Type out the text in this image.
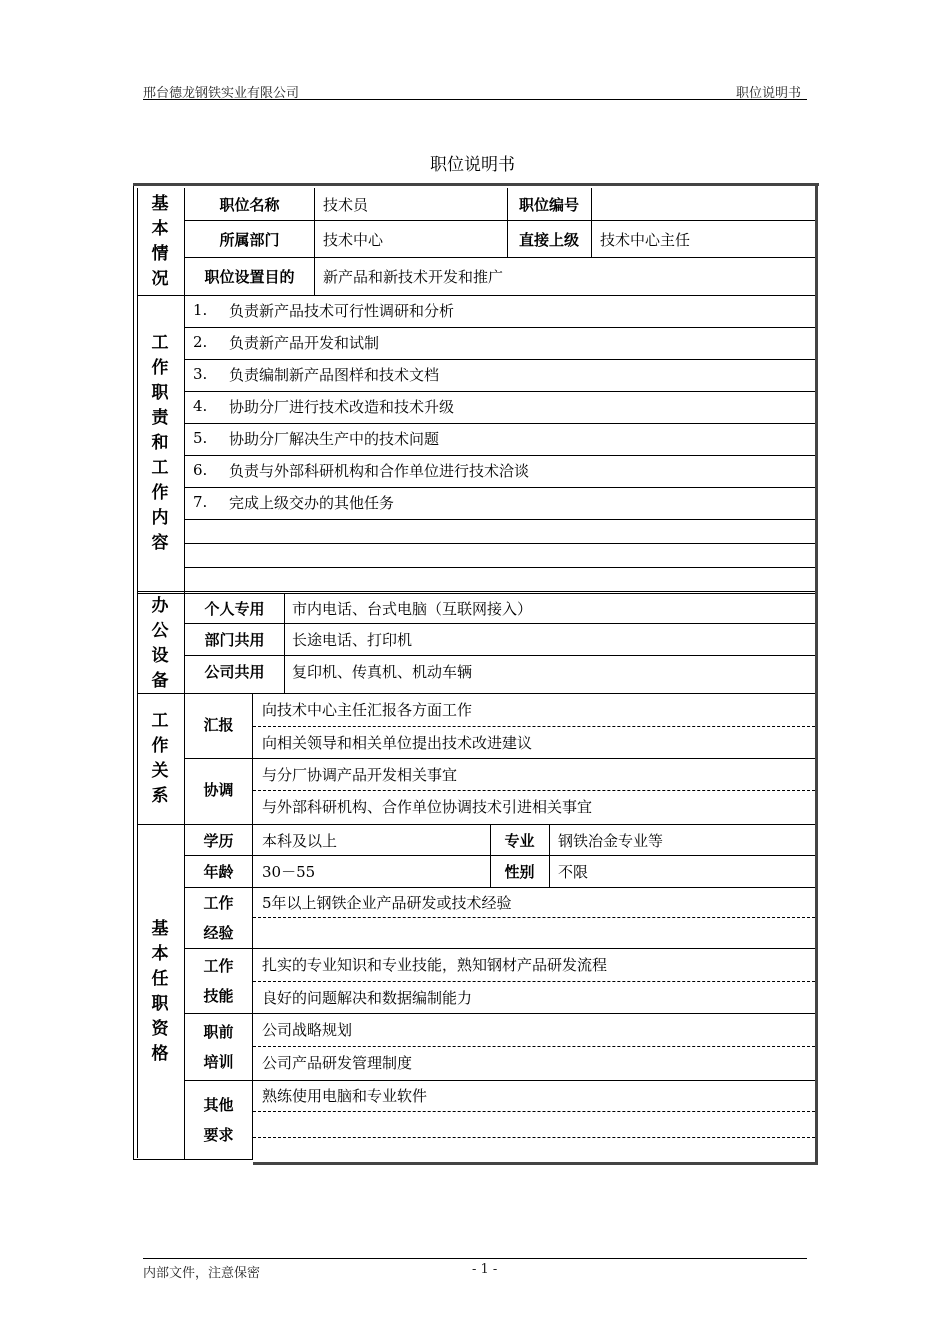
邢台德龙钢铁实业有限公司	职位说明书
职位说明书
基
本
情
况
职位名称	技术员	职位编号
所属部门	技术中心	直接上级	技术中心主任
职位设置目的	新产品和新技术开发和推广
工
作
职
责
和
工
作
内
容
1.	负责新产品技术可行性调研和分析
2.	负责新产品开发和试制
3.	负责编制新产品图样和技术文档
4.	协助分厂进行技术改造和技术升级
5.	协助分厂解决生产中的技术问题
6.	负责与外部科研机构和合作单位进行技术洽谈
7.	完成上级交办的其他任务
办
公
设
备
个人专用	市内电话、台式电脑（互联网接入）
部门共用	长途电话、打印机
公司共用	复印机、传真机、机动车辆
工
作
关
系
汇报
向技术中心主任汇报各方面工作
向相关领导和相关单位提出技术改进建议
协调
与分厂协调产品开发相关事宜
与外部科研机构、合作单位协调技术引进相关事宜
基
本
任
职
资
格
学历	本科及以上	专业	钢铁冶金专业等
年龄	30－55	性别	不限
工作
经验
5年以上钢铁企业产品研发或技术经验
工作
技能
扎实的专业知识和专业技能，熟知钢材产品研发流程
良好的问题解决和数据编制能力
职前
培训
公司战略规划
公司产品研发管理制度
其他
要求
熟练使用电脑和专业软件
内部文件，注意保密	- 1 -
